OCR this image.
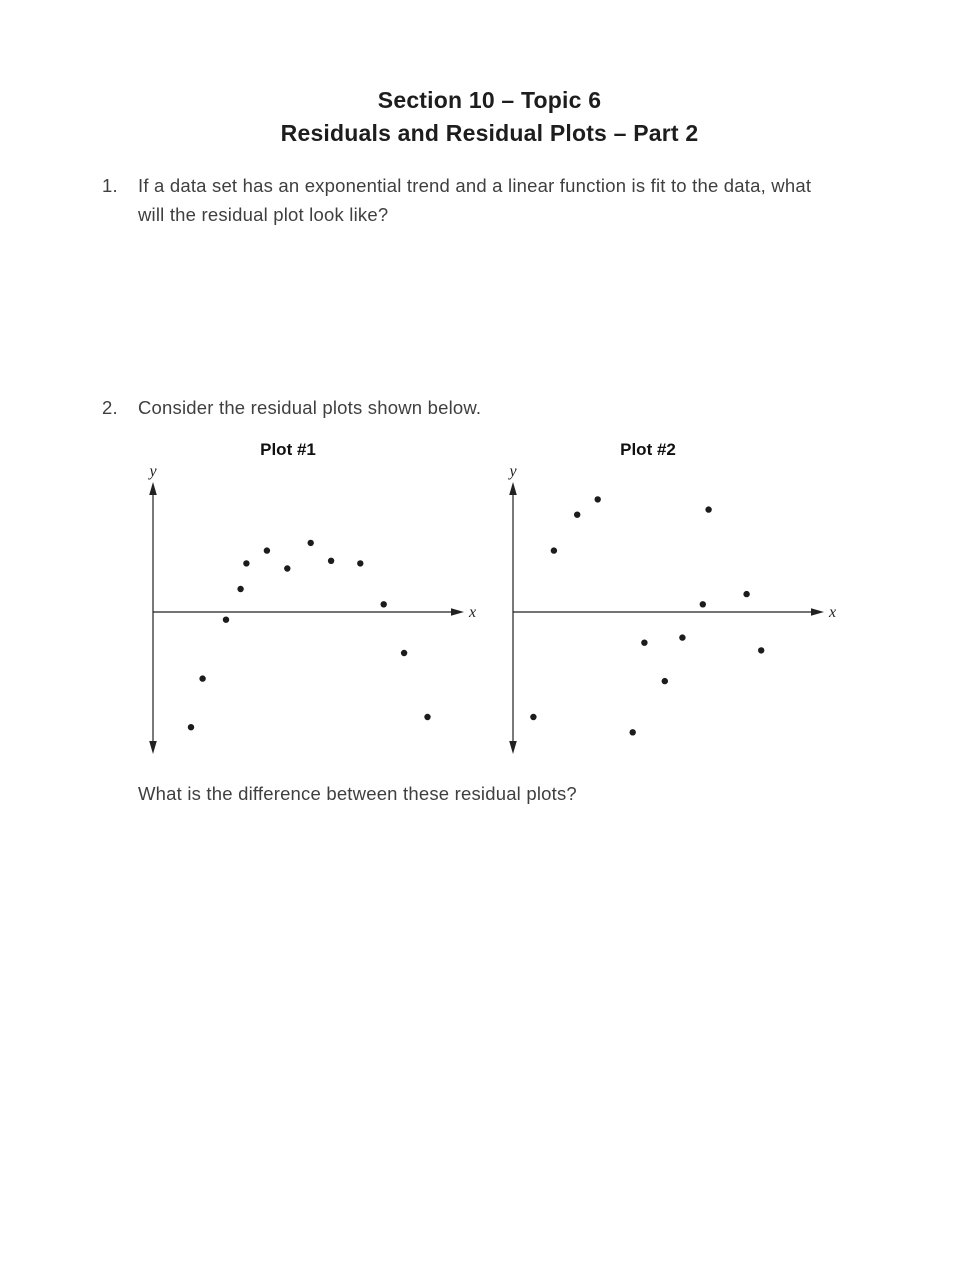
Section 10 – Topic 6
Residuals and Residual Plots – Part 2
1.	If a data set has an exponential trend and a linear function is fit to the data, what will the residual plot look like?
2.	Consider the residual plots shown below.
Plot #1
y
x
Plot #2
y
x
What is the difference between these residual plots?
